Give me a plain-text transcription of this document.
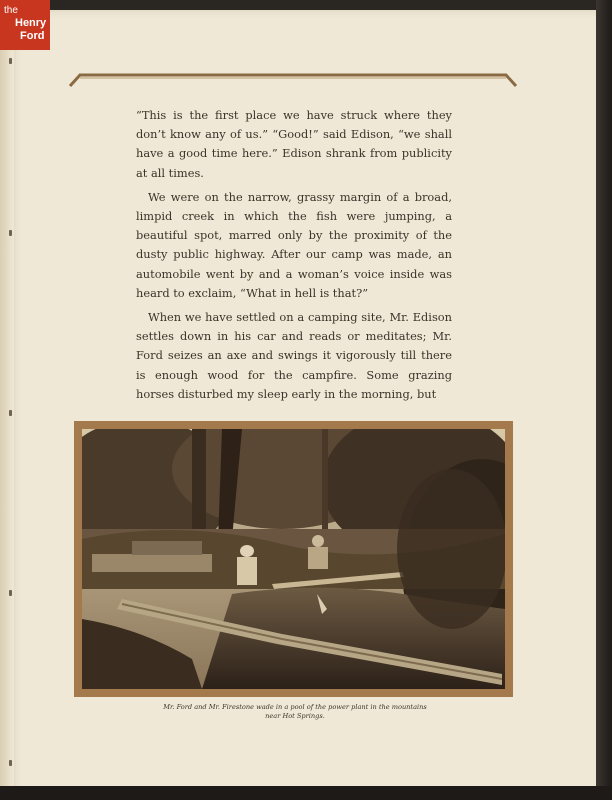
the
Henry
Ford

“This is the first place we have struck where they don’t know any of us.” “Good!” said Edison, “we shall have a good time here.” Edison shrank from publicity at all times.

We were on the narrow, grassy margin of a broad, limpid creek in which the fish were jumping, a beautiful spot, marred only by the proximity of the dusty public highway. After our camp was made, an automobile went by and a woman’s voice inside was heard to exclaim, “What in hell is that?”

When we have settled on a camping site, Mr. Edison settles down in his car and reads or meditates; Mr. Ford seizes an axe and swings it vigorously till there is enough wood for the campfire. Some grazing horses disturbed my sleep early in the morning, but

Mr. Ford and Mr. Firestone wade in a pool of the power plant in the mountains
near Hot Springs.
